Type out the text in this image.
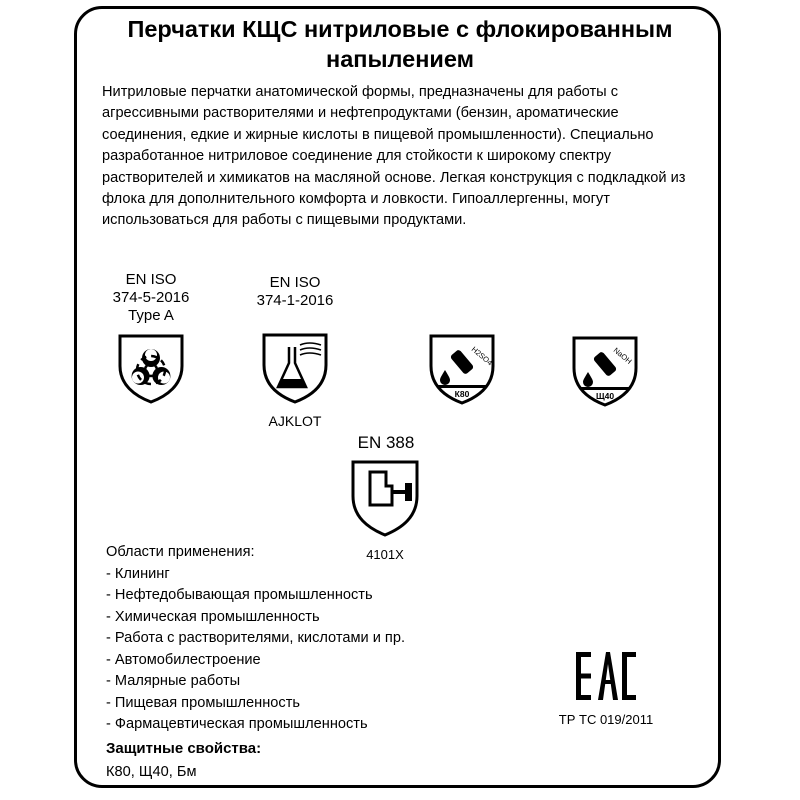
Перчатки КЩС нитриловые с флокированным напылением
Нитриловые перчатки анатомической формы, предназначены для работы с агрессивными растворителями и нефтепродуктами (бензин, ароматические соединения, едкие и жирные кислоты в пищевой промышленности). Специально разработанное нитриловое соединение для стойкости к широкому спектру растворителей и химикатов на масляной основе. Легкая конструкция с подкладкой из флока для дополнительного комфорта и ловкости. Гипоаллергенны, могут использоваться для работы с пищевыми продуктами.
EN ISO
374-5-2016
Type A
EN ISO
374-1-2016
AJKLOT
H2SO4
К80
NaOH
Щ40
EN 388
4101X
Области применения:
- Клининг
- Нефтедобывающая промышленность
- Химическая промышленность
- Работа с растворителями, кислотами и пр.
- Автомобилестроение
- Малярные работы
- Пищевая промышленность
- Фармацевтическая промышленность
Защитные свойства:
К80, Щ40, Бм
ТР ТС 019/2011
